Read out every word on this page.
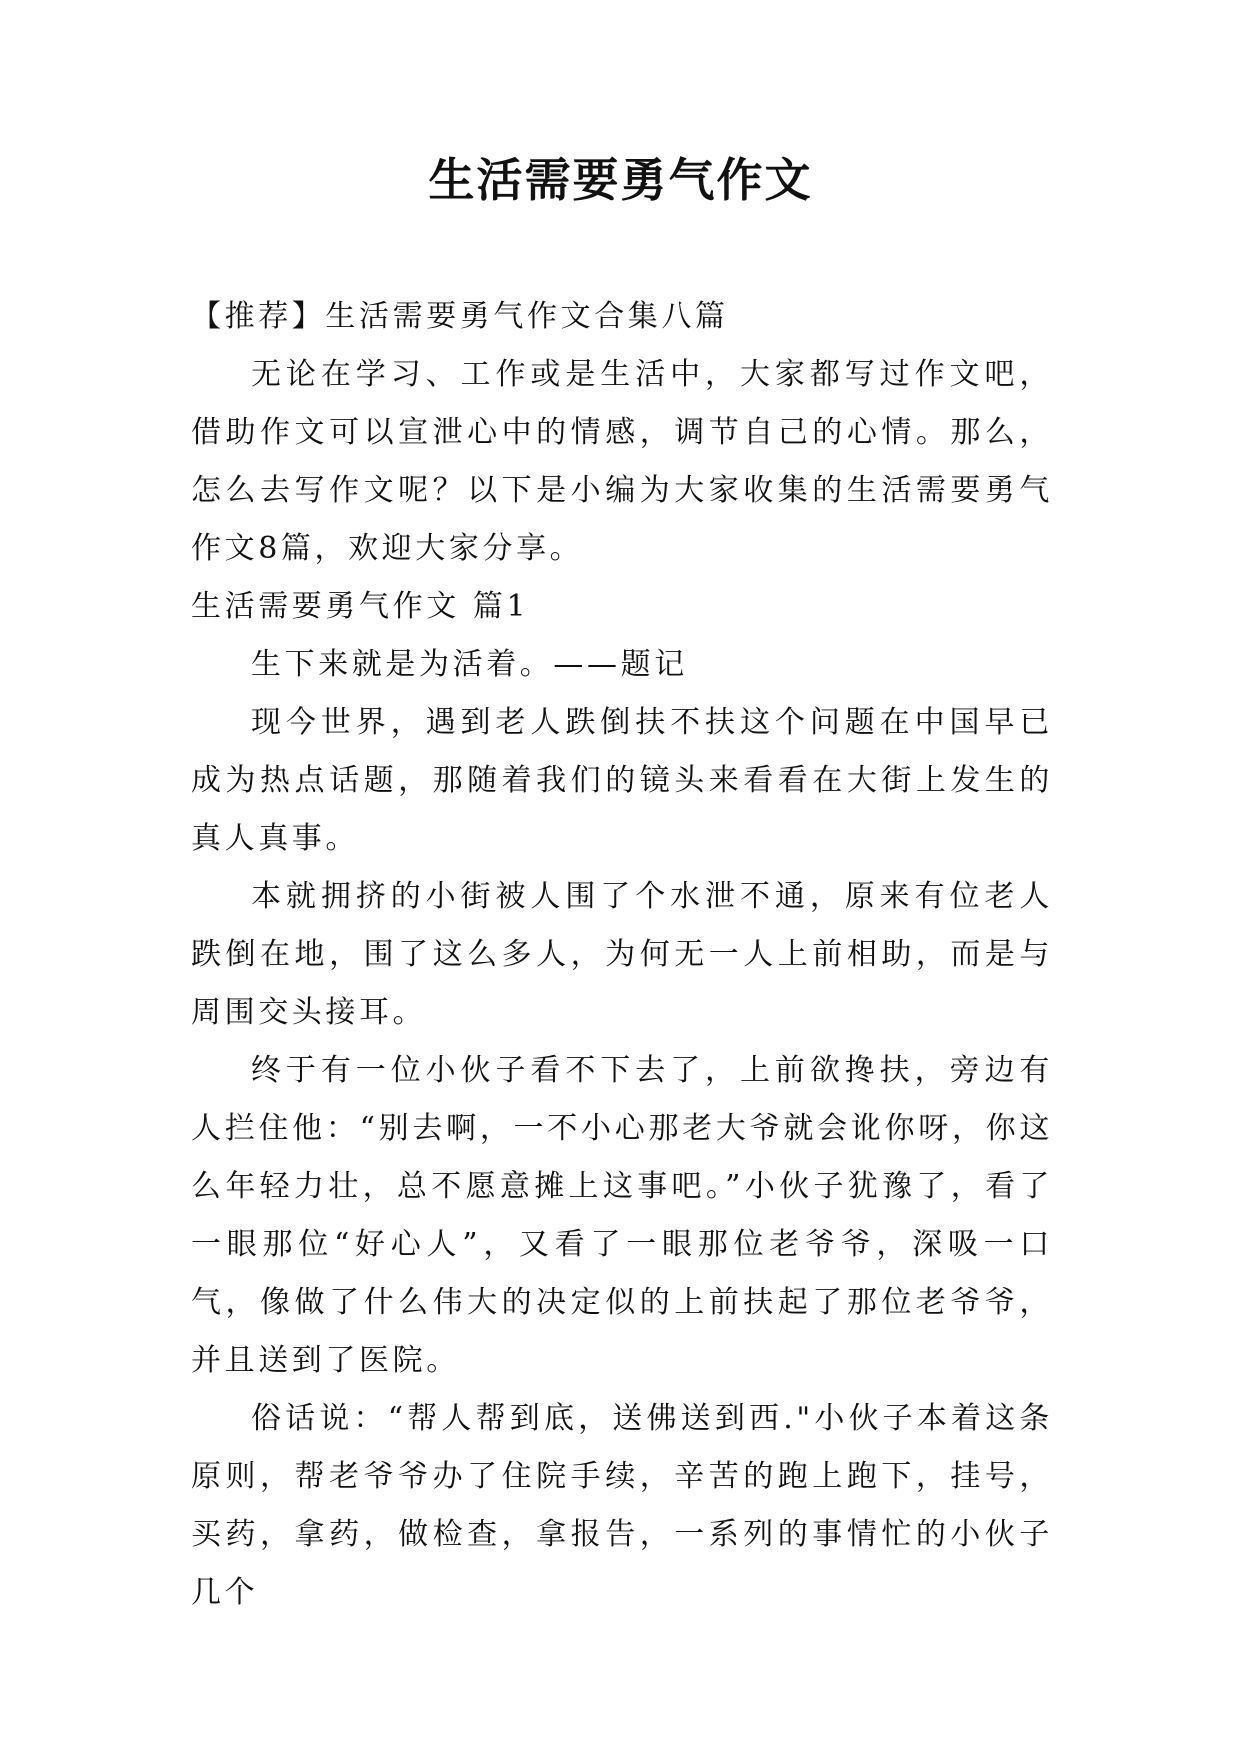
生活需要勇气作文

【推荐】生活需要勇气作文合集八篇

无论在学习、工作或是生活中，大家都写过作文吧，借助作文可以宣泄心中的情感，调节自己的心情。那么，怎么去写作文呢？以下是小编为大家收集的生活需要勇气作文8篇，欢迎大家分享。

生活需要勇气作文 篇1

生下来就是为活着。——题记

现今世界，遇到老人跌倒扶不扶这个问题在中国早已成为热点话题，那随着我们的镜头来看看在大街上发生的真人真事。

本就拥挤的小街被人围了个水泄不通，原来有位老人跌倒在地，围了这么多人，为何无一人上前相助，而是与周围交头接耳。

终于有一位小伙子看不下去了，上前欲搀扶，旁边有人拦住他：“别去啊，一不小心那老大爷就会讹你呀，你这么年轻力壮，总不愿意摊上这事吧。”小伙子犹豫了，看了一眼那位“好心人”，又看了一眼那位老爷爷，深吸一口气，像做了什么伟大的决定似的上前扶起了那位老爷爷，并且送到了医院。

俗话说：“帮人帮到底，送佛送到西."小伙子本着这条原则，帮老爷爷办了住院手续，辛苦的跑上跑下，挂号，买药，拿药，做检查，拿报告，一系列的事情忙的小伙子几个
